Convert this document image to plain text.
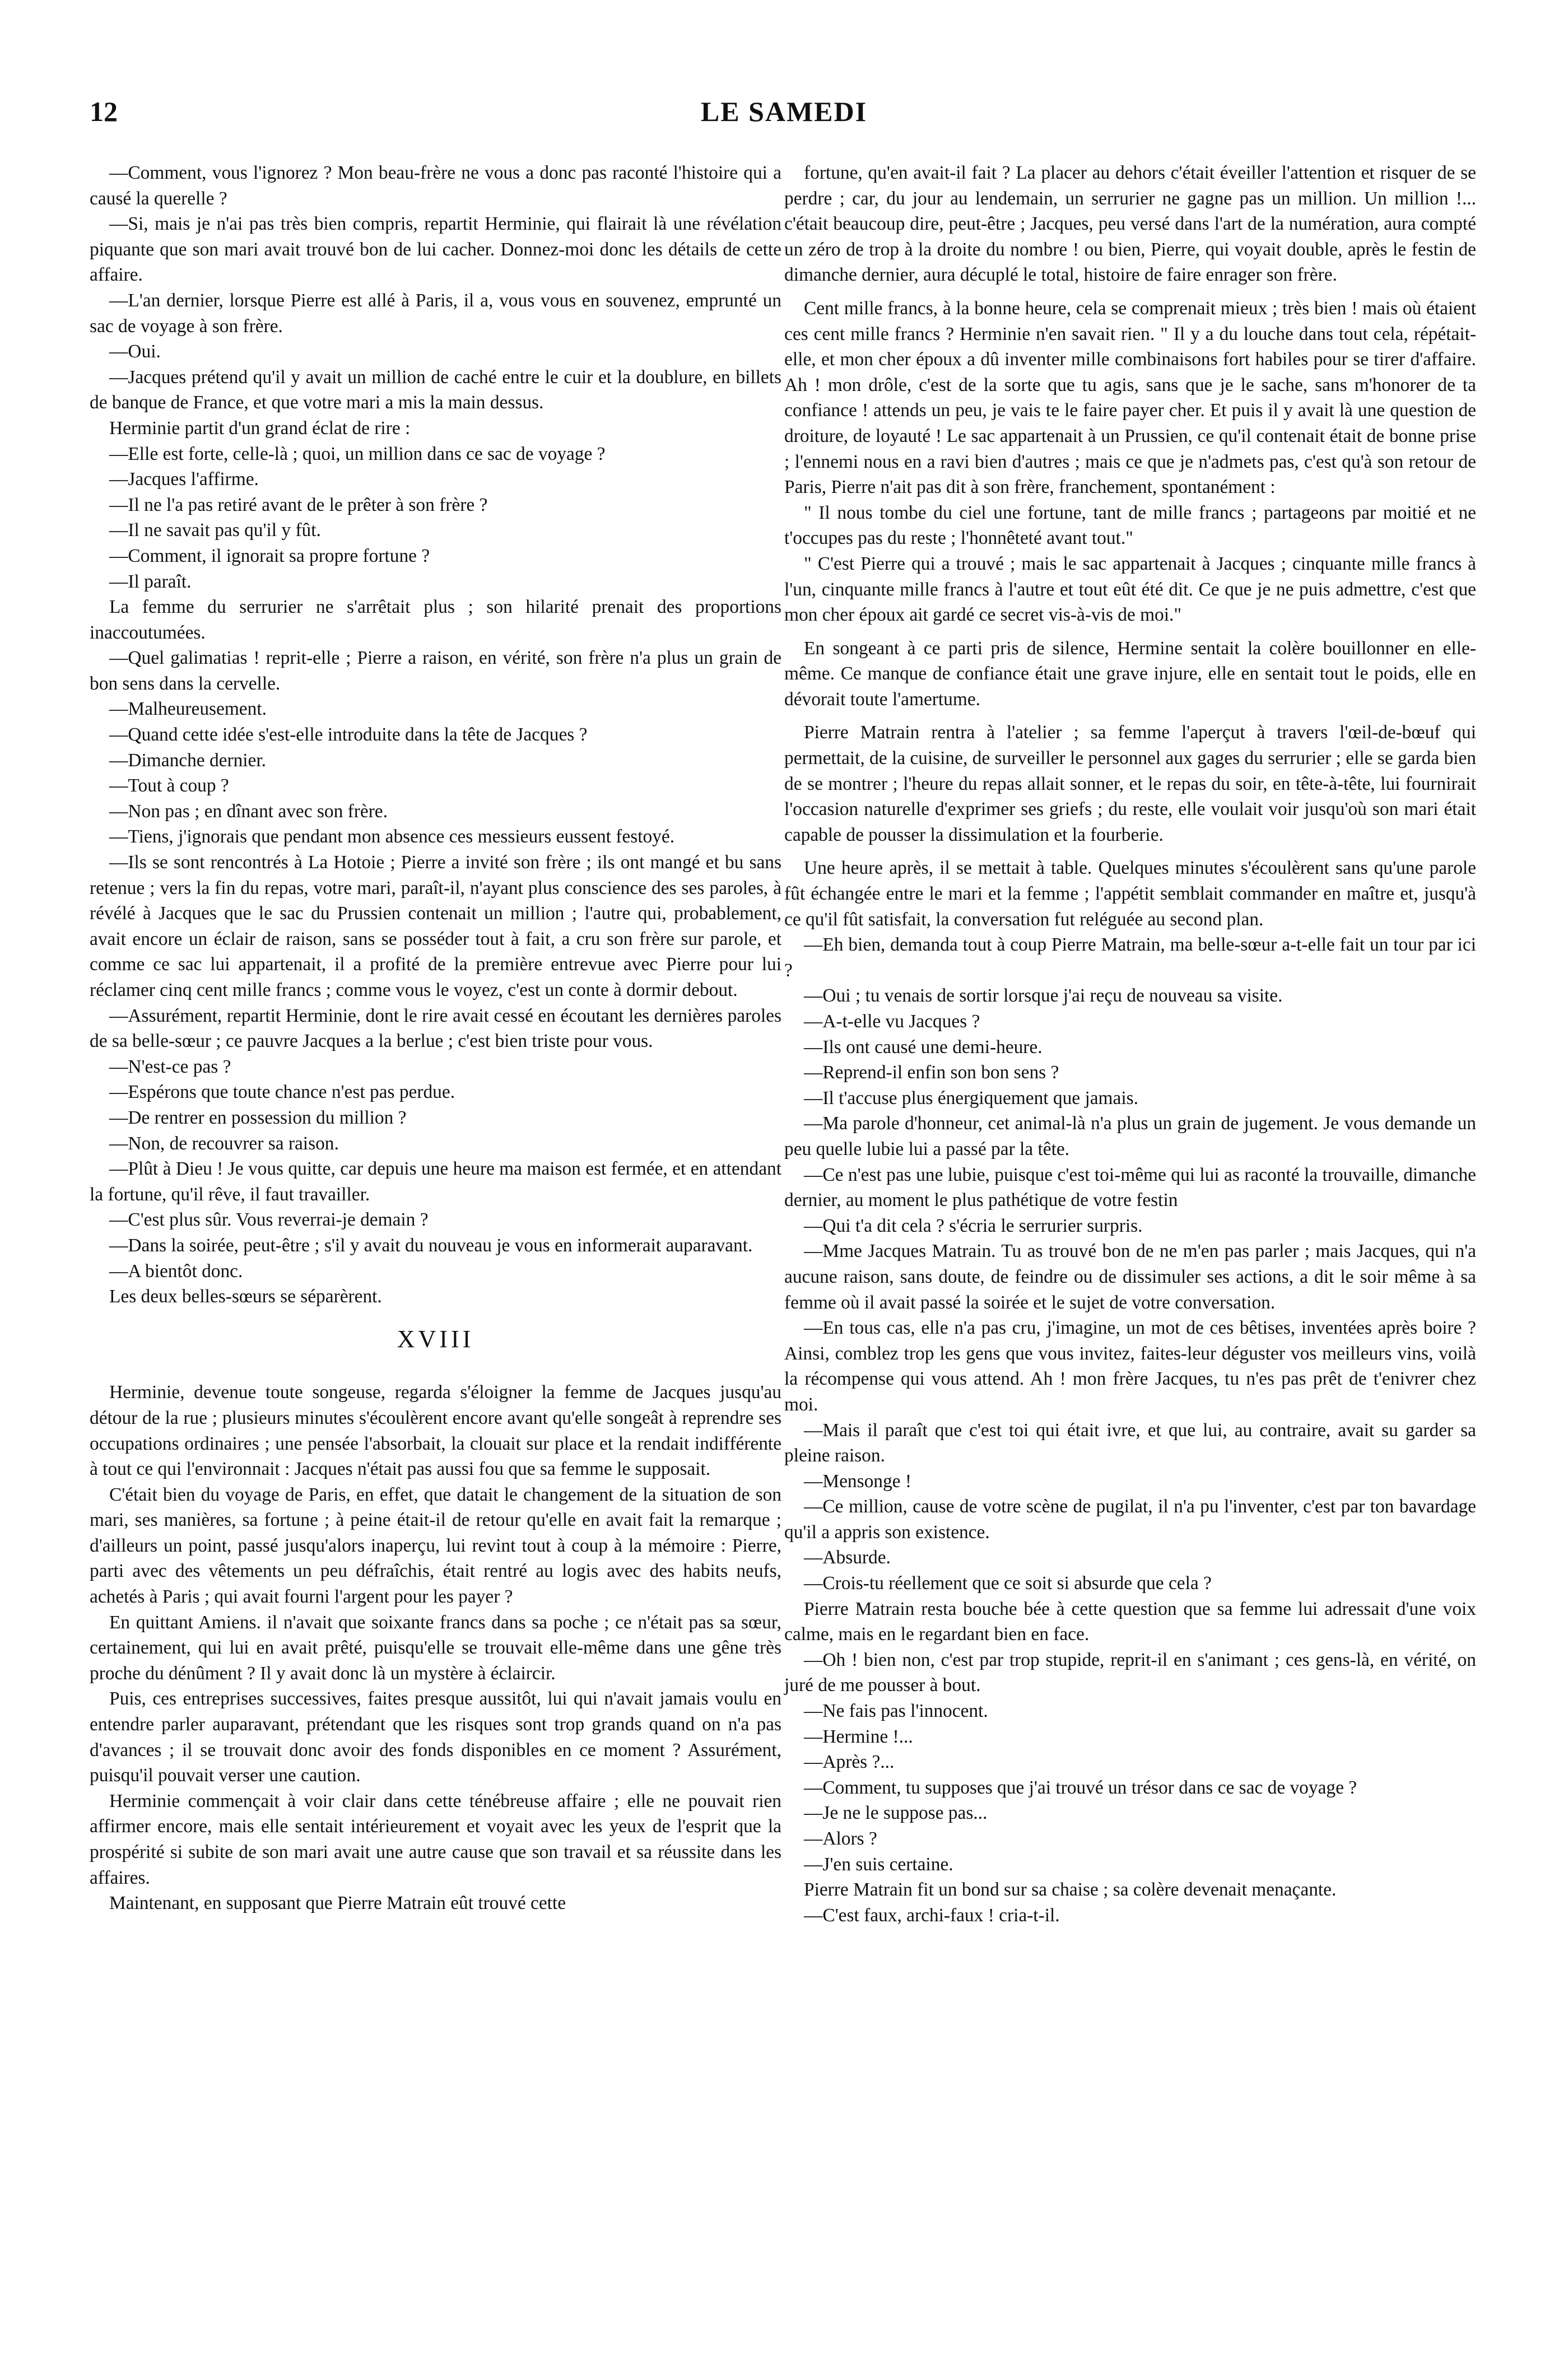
12	LE SAMEDI

—Comment, vous l'ignorez ? Mon beau-frère ne vous a donc pas raconté l'histoire qui a causé la querelle ?

—Si, mais je n'ai pas très bien compris, repartit Herminie, qui flairait là une révélation piquante que son mari avait trouvé bon de lui cacher. Donnez-moi donc les détails de cette affaire.

—L'an dernier, lorsque Pierre est allé à Paris, il a, vous vous en souvenez, emprunté un sac de voyage à son frère.

—Oui.

—Jacques prétend qu'il y avait un million de caché entre le cuir et la doublure, en billets de banque de France, et que votre mari a mis la main dessus.

Herminie partit d'un grand éclat de rire :

—Elle est forte, celle-là ; quoi, un million dans ce sac de voyage ?

—Jacques l'affirme.

—Il ne l'a pas retiré avant de le prêter à son frère ?

—Il ne savait pas qu'il y fût.

—Comment, il ignorait sa propre fortune ?

—Il paraît.

La femme du serrurier ne s'arrêtait plus ; son hilarité prenait des proportions inaccoutumées.

—Quel galimatias ! reprit-elle ; Pierre a raison, en vérité, son frère n'a plus un grain de bon sens dans la cervelle.

—Malheureusement.

—Quand cette idée s'est-elle introduite dans la tête de Jacques ?

—Dimanche dernier.

—Tout à coup ?

—Non pas ; en dînant avec son frère.

—Tiens, j'ignorais que pendant mon absence ces messieurs eussent festoyé.

—Ils se sont rencontrés à La Hotoie ; Pierre a invité son frère ; ils ont mangé et bu sans retenue ; vers la fin du repas, votre mari, paraît-il, n'ayant plus conscience des ses paroles, à révélé à Jacques que le sac du Prussien contenait un million ; l'autre qui, probablement, avait encore un éclair de raison, sans se posséder tout à fait, a cru son frère sur parole, et comme ce sac lui appartenait, il a profité de la première entrevue avec Pierre pour lui réclamer cinq cent mille francs ; comme vous le voyez, c'est un conte à dormir debout.

—Assurément, repartit Herminie, dont le rire avait cessé en écoutant les dernières paroles de sa belle-sœur ; ce pauvre Jacques a la berlue ; c'est bien triste pour vous.

—N'est-ce pas ?

—Espérons que toute chance n'est pas perdue.

—De rentrer en possession du million ?

—Non, de recouvrer sa raison.

—Plût à Dieu ! Je vous quitte, car depuis une heure ma maison est fermée, et en attendant la fortune, qu'il rêve, il faut travailler.

—C'est plus sûr. Vous reverrai-je demain ?

—Dans la soirée, peut-être ; s'il y avait du nouveau je vous en informerait auparavant.

—A bientôt donc.

Les deux belles-sœurs se séparèrent.

XVIII

Herminie, devenue toute songeuse, regarda s'éloigner la femme de Jacques jusqu'au détour de la rue ; plusieurs minutes s'écoulèrent encore avant qu'elle songeât à reprendre ses occupations ordinaires ; une pensée l'absorbait, la clouait sur place et la rendait indifférente à tout ce qui l'environnait : Jacques n'était pas aussi fou que sa femme le supposait.

C'était bien du voyage de Paris, en effet, que datait le changement de la situation de son mari, ses manières, sa fortune ; à peine était-il de retour qu'elle en avait fait la remarque ; d'ailleurs un point, passé jusqu'alors inaperçu, lui revint tout à coup à la mémoire : Pierre, parti avec des vêtements un peu défraîchis, était rentré au logis avec des habits neufs, achetés à Paris ; qui avait fourni l'argent pour les payer ?

En quittant Amiens. il n'avait que soixante francs dans sa poche ; ce n'était pas sa sœur, certainement, qui lui en avait prêté, puisqu'elle se trouvait elle-même dans une gêne très proche du dénûment ? Il y avait donc là un mystère à éclaircir.

Puis, ces entreprises successives, faites presque aussitôt, lui qui n'avait jamais voulu en entendre parler auparavant, prétendant que les risques sont trop grands quand on n'a pas d'avances ; il se trouvait donc avoir des fonds disponibles en ce moment ? Assurément, puisqu'il pouvait verser une caution.

Herminie commençait à voir clair dans cette ténébreuse affaire ; elle ne pouvait rien affirmer encore, mais elle sentait intérieurement et voyait avec les yeux de l'esprit que la prospérité si subite de son mari avait une autre cause que son travail et sa réussite dans les affaires.

Maintenant, en supposant que Pierre Matrain eût trouvé cette

fortune, qu'en avait-il fait ? La placer au dehors c'était éveiller l'attention et risquer de se perdre ; car, du jour au lendemain, un serrurier ne gagne pas un million. Un million !... c'était beaucoup dire, peut-être ; Jacques, peu versé dans l'art de la numération, aura compté un zéro de trop à la droite du nombre ! ou bien, Pierre, qui voyait double, après le festin de dimanche dernier, aura décuplé le total, histoire de faire enrager son frère.

Cent mille francs, à la bonne heure, cela se comprenait mieux ; très bien ! mais où étaient ces cent mille francs ? Herminie n'en savait rien. " Il y a du louche dans tout cela, répétait-elle, et mon cher époux a dû inventer mille combinaisons fort habiles pour se tirer d'affaire. Ah ! mon drôle, c'est de la sorte que tu agis, sans que je le sache, sans m'honorer de ta confiance ! attends un peu, je vais te le faire payer cher. Et puis il y avait là une question de droiture, de loyauté ! Le sac appartenait à un Prussien, ce qu'il contenait était de bonne prise ; l'ennemi nous en a ravi bien d'autres ; mais ce que je n'admets pas, c'est qu'à son retour de Paris, Pierre n'ait pas dit à son frère, franchement, spontanément :

" Il nous tombe du ciel une fortune, tant de mille francs ; partageons par moitié et ne t'occupes pas du reste ; l'honnêteté avant tout."

" C'est Pierre qui a trouvé ; mais le sac appartenait à Jacques ; cinquante mille francs à l'un, cinquante mille francs à l'autre et tout eût été dit. Ce que je ne puis admettre, c'est que mon cher époux ait gardé ce secret vis-à-vis de moi."

En songeant à ce parti pris de silence, Hermine sentait la colère bouillonner en elle-même. Ce manque de confiance était une grave injure, elle en sentait tout le poids, elle en dévorait toute l'amertume.

Pierre Matrain rentra à l'atelier ; sa femme l'aperçut à travers l'œil-de-bœuf qui permettait, de la cuisine, de surveiller le personnel aux gages du serrurier ; elle se garda bien de se montrer ; l'heure du repas allait sonner, et le repas du soir, en tête-à-tête, lui fournirait l'occasion naturelle d'exprimer ses griefs ; du reste, elle voulait voir jusqu'où son mari était capable de pousser la dissimulation et la fourberie.

Une heure après, il se mettait à table. Quelques minutes s'écoulèrent sans qu'une parole fût échangée entre le mari et la femme ; l'appétit semblait commander en maître et, jusqu'à ce qu'il fût satisfait, la conversation fut reléguée au second plan.

—Eh bien, demanda tout à coup Pierre Matrain, ma belle-sœur a-t-elle fait un tour par ici ?

—Oui ; tu venais de sortir lorsque j'ai reçu de nouveau sa visite.

—A-t-elle vu Jacques ?

—Ils ont causé une demi-heure.

—Reprend-il enfin son bon sens ?

—Il t'accuse plus énergiquement que jamais.

—Ma parole d'honneur, cet animal-là n'a plus un grain de jugement. Je vous demande un peu quelle lubie lui a passé par la tête.

—Ce n'est pas une lubie, puisque c'est toi-même qui lui as raconté la trouvaille, dimanche dernier, au moment le plus pathétique de votre festin

—Qui t'a dit cela ? s'écria le serrurier surpris.

—Mme Jacques Matrain. Tu as trouvé bon de ne m'en pas parler ; mais Jacques, qui n'a aucune raison, sans doute, de feindre ou de dissimuler ses actions, a dit le soir même à sa femme où il avait passé la soirée et le sujet de votre conversation.

—En tous cas, elle n'a pas cru, j'imagine, un mot de ces bêtises, inventées après boire ? Ainsi, comblez trop les gens que vous invitez, faites-leur déguster vos meilleurs vins, voilà la récompense qui vous attend. Ah ! mon frère Jacques, tu n'es pas prêt de t'enivrer chez moi.

—Mais il paraît que c'est toi qui était ivre, et que lui, au contraire, avait su garder sa pleine raison.

—Mensonge !

—Ce million, cause de votre scène de pugilat, il n'a pu l'inventer, c'est par ton bavardage qu'il a appris son existence.

—Absurde.

—Crois-tu réellement que ce soit si absurde que cela ?

Pierre Matrain resta bouche bée à cette question que sa femme lui adressait d'une voix calme, mais en le regardant bien en face.

—Oh ! bien non, c'est par trop stupide, reprit-il en s'animant ; ces gens-là, en vérité, on juré de me pousser à bout.

—Ne fais pas l'innocent.

—Hermine !...

—Après ?...

—Comment, tu supposes que j'ai trouvé un trésor dans ce sac de voyage ?

—Je ne le suppose pas...

—Alors ?

—J'en suis certaine.

Pierre Matrain fit un bond sur sa chaise ; sa colère devenait menaçante.

—C'est faux, archi-faux ! cria-t-il.
